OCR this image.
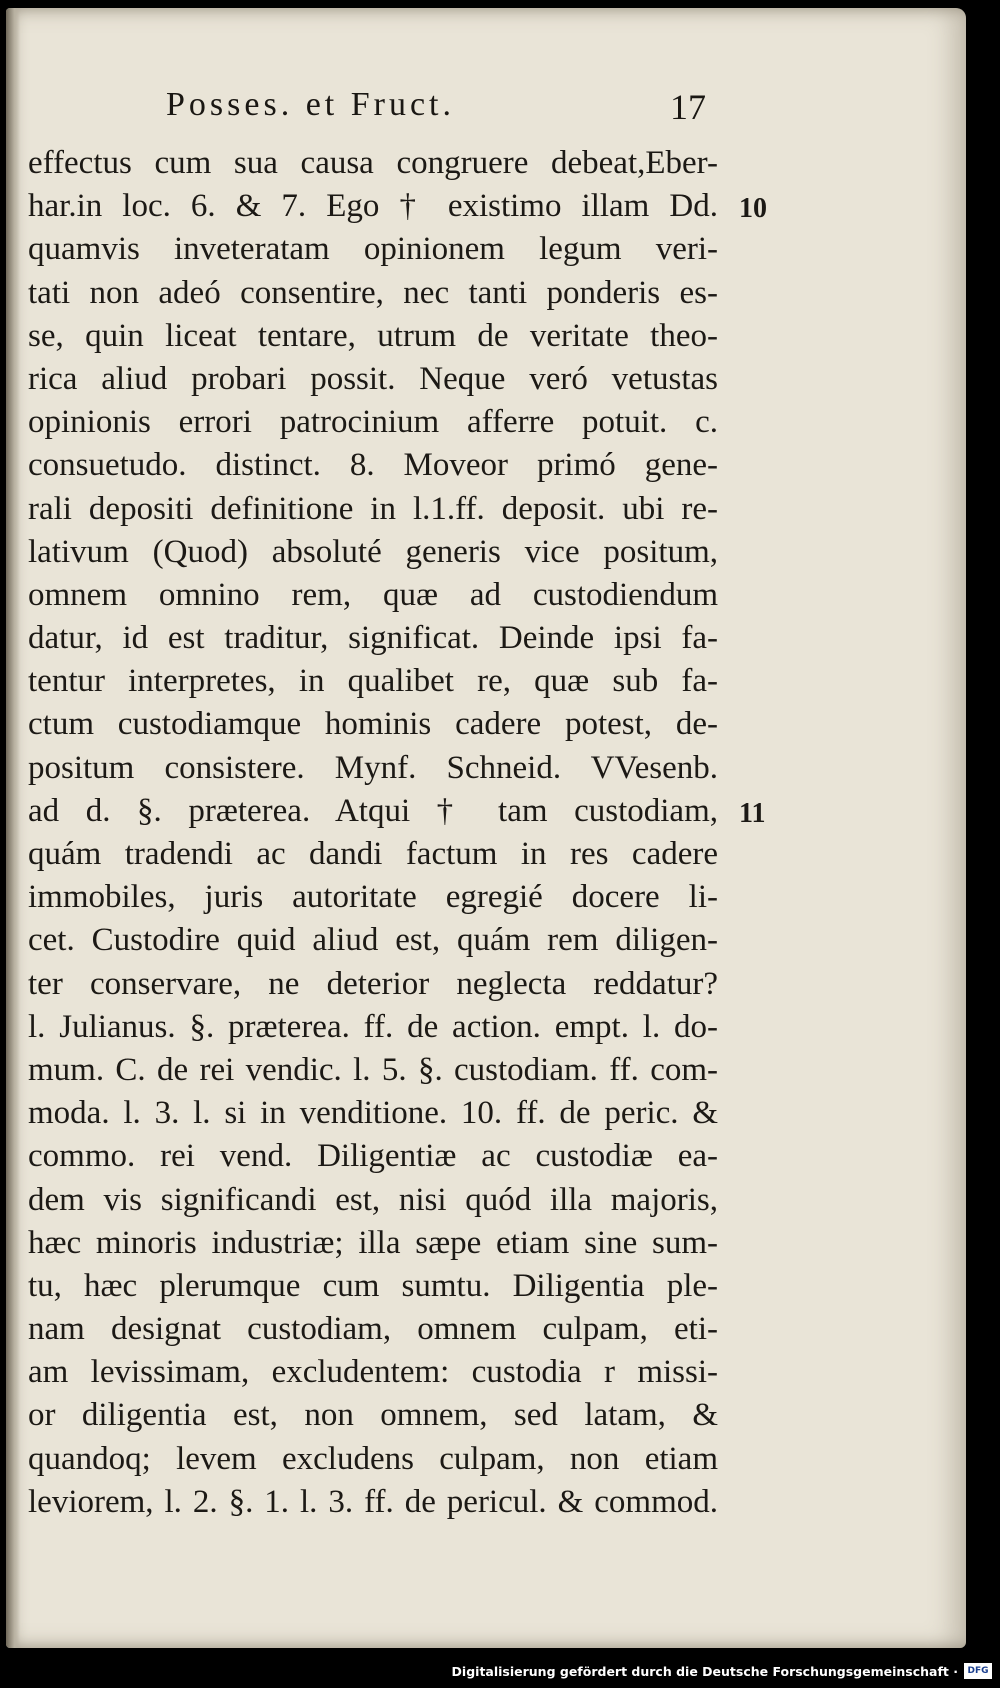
Posses. et Fruct.	17
effectus cum sua causa congruere debeat,Eber-
har.in loc. 6. & 7. Ego † existimo illam Dd.
quamvis inveteratam opinionem legum veri-
tati non adeó consentire, nec tanti ponderis es-
se, quin liceat tentare, utrum de veritate theo-
rica aliud probari possit. Neque veró vetustas
opinionis errori patrocinium afferre potuit. c.
consuetudo. distinct. 8. Moveor primó gene-
rali depositi definitione in l.1.ff. deposit. ubi re-
lativum (Quod) absoluté generis vice positum,
omnem omnino rem, quæ ad custodiendum
datur, id est traditur, significat. Deinde ipsi fa-
tentur interpretes, in qualibet re, quæ sub fa-
ctum custodiamque hominis cadere potest, de-
positum consistere. Mynf. Schneid. VVesenb.
ad d. §. præterea. Atqui † tam custodiam,
quám tradendi ac dandi factum in res cadere
immobiles, juris autoritate egregié docere li-
cet. Custodire quid aliud est, quám rem diligen-
ter conservare, ne deterior neglecta reddatur?
l. Julianus. §. præterea. ff. de action. empt. l. do-
mum. C. de rei vendic. l. 5. §. custodiam. ff. com-
moda. l. 3. l. si in venditione. 10. ff. de peric. &
commo. rei vend. Diligentiæ ac custodiæ ea-
dem vis significandi est, nisi quód illa majoris,
hæc minoris industriæ; illa sæpe etiam sine sum-
tu, hæc plerumque cum sumtu. Diligentia ple-
nam designat custodiam, omnem culpam, eti-
am levissimam, excludentem: custodia r missi-
or diligentia est, non omnem, sed latam, &
quandoq; levem excludens culpam, non etiam
leviorem, l. 2. §. 1. l. 3. ff. de pericul. & commod.
10
11
Digitalisierung gefördert durch die Deutsche Forschungsgemeinschaft ·	DFG
